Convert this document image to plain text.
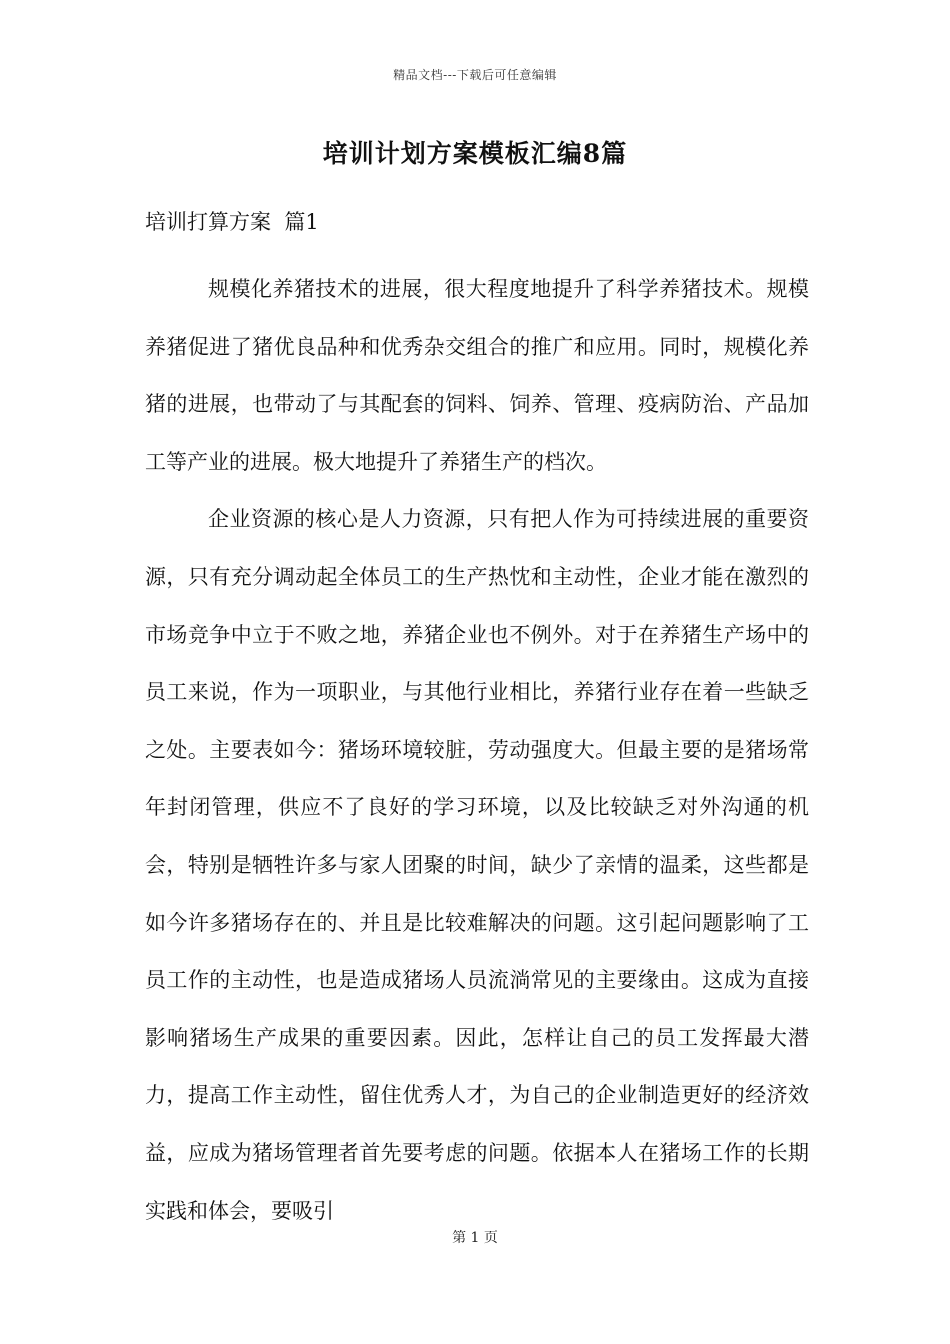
精品文档---下载后可任意编辑
培训计划方案模板汇编8篇
培训打算方案  篇1

规模化养猪技术的进展，很大程度地提升了科学养猪技术。规模养猪促进了猪优良品种和优秀杂交组合的推广和应用。同时，规模化养猪的进展，也带动了与其配套的饲料、饲养、管理、疫病防治、产品加工等产业的进展。极大地提升了养猪生产的档次。

企业资源的核心是人力资源，只有把人作为可持续进展的重要资源，只有充分调动起全体员工的生产热忱和主动性，企业才能在激烈的市场竞争中立于不败之地，养猪企业也不例外。对于在养猪生产场中的员工来说，作为一项职业，与其他行业相比，养猪行业存在着一些缺乏之处。主要表如今：猪场环境较脏，劳动强度大。但最主要的是猪场常年封闭管理，供应不了良好的学习环境，以及比较缺乏对外沟通的机会，特别是牺牲许多与家人团聚的时间，缺少了亲情的温柔，这些都是如今许多猪场存在的、并且是比较难解决的问题。这引起问题影响了工员工作的主动性，也是造成猪场人员流淌常见的主要缘由。这成为直接影响猪场生产成果的重要因素。因此，怎样让自己的员工发挥最大潜力，提高工作主动性，留住优秀人才，为自己的企业制造更好的经济效益，应成为猪场管理者首先要考虑的问题。依据本人在猪场工作的长期实践和体会，要吸引

第 1 页
